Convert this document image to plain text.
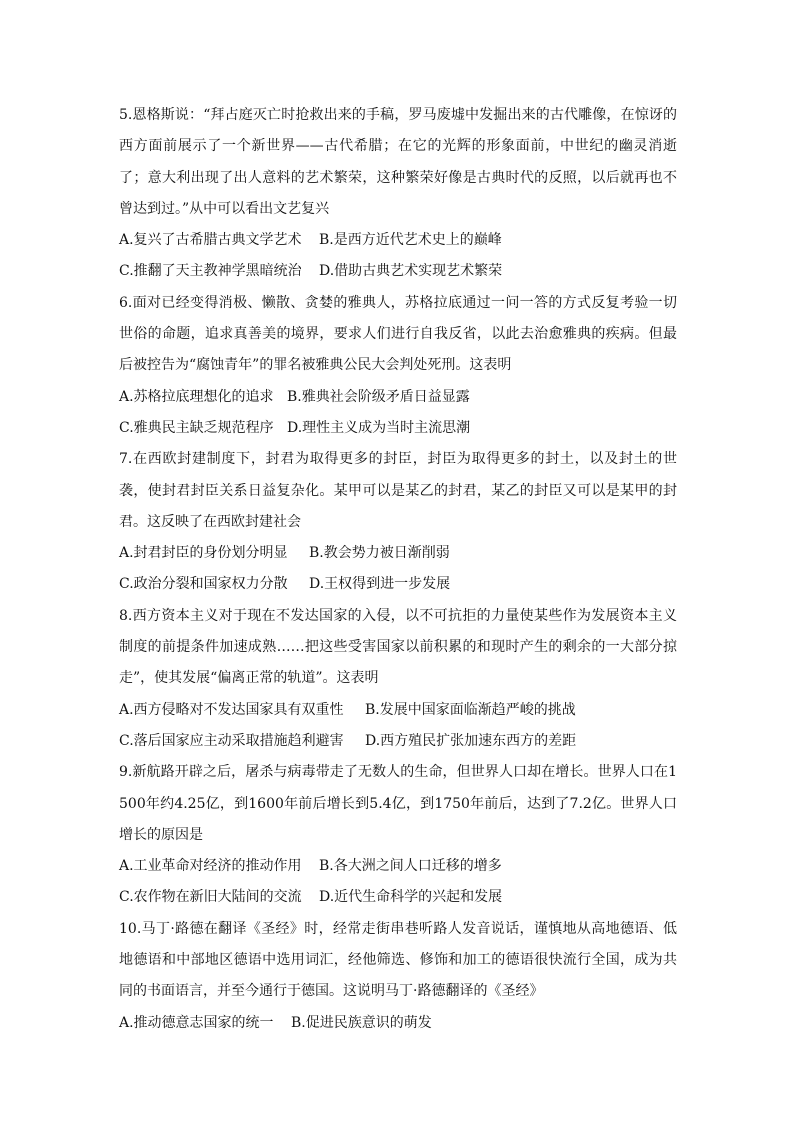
5.恩格斯说：“拜占庭灭亡时抢救出来的手稿，罗马废墟中发掘出来的古代雕像，在惊讶的西方面前展示了一个新世界——古代希腊；在它的光辉的形象面前，中世纪的幽灵消逝了；意大利出现了出人意料的艺术繁荣，这种繁荣好像是古典时代的反照，以后就再也不曾达到过。”从中可以看出文艺复兴

A.复兴了古希腊古典文学艺术	B.是西方近代艺术史上的巅峰
C.推翻了天主教神学黑暗统治	D.借助古典艺术实现艺术繁荣

6.面对已经变得消极、懒散、贪婪的雅典人，苏格拉底通过一问一答的方式反复考验一切世俗的命题，追求真善美的境界，要求人们进行自我反省，以此去治愈雅典的疾病。但最后被控告为“腐蚀青年”的罪名被雅典公民大会判处死刑。这表明

A.苏格拉底理想化的追求 B.雅典社会阶级矛盾日益显露
C.雅典民主缺乏规范程序 D.理性主义成为当时主流思潮

7.在西欧封建制度下，封君为取得更多的封臣，封臣为取得更多的封土，以及封土的世袭，使封君封臣关系日益复杂化。某甲可以是某乙的封君，某乙的封臣又可以是某甲的封君。这反映了在西欧封建社会

A.封君封臣的身份划分明显	B.教会势力被日渐削弱
C.政治分裂和国家权力分散	D.王权得到进一步发展

8.西方资本主义对于现在不发达国家的入侵，以不可抗拒的力量使某些作为发展资本主义制度的前提条件加速成熟……把这些受害国家以前积累的和现时产生的剩余的一大部分掠走”，使其发展“偏离正常的轨道”。这表明

A.西方侵略对不发达国家具有双重性	B.发展中国家面临渐趋严峻的挑战
C.落后国家应主动采取措施趋利避害	D.西方殖民扩张加速东西方的差距

9.新航路开辟之后，屠杀与病毒带走了无数人的生命，但世界人口却在增长。世界人口在1500年约4.25亿，到1600年前后增长到5.4亿，到1750年前后，达到了7.2亿。世界人口增长的原因是

A.工业革命对经济的推动作用	B.各大洲之间人口迁移的增多
C.农作物在新旧大陆间的交流	D.近代生命科学的兴起和发展

10.马丁·路德在翻译《圣经》时，经常走街串巷听路人发音说话，谨慎地从高地德语、低地德语和中部地区德语中选用词汇，经他筛选、修饰和加工的德语很快流行全国，成为共同的书面语言，并至今通行于德国。这说明马丁·路德翻译的《圣经》

A.推动德意志国家的统一	B.促进民族意识的萌发
